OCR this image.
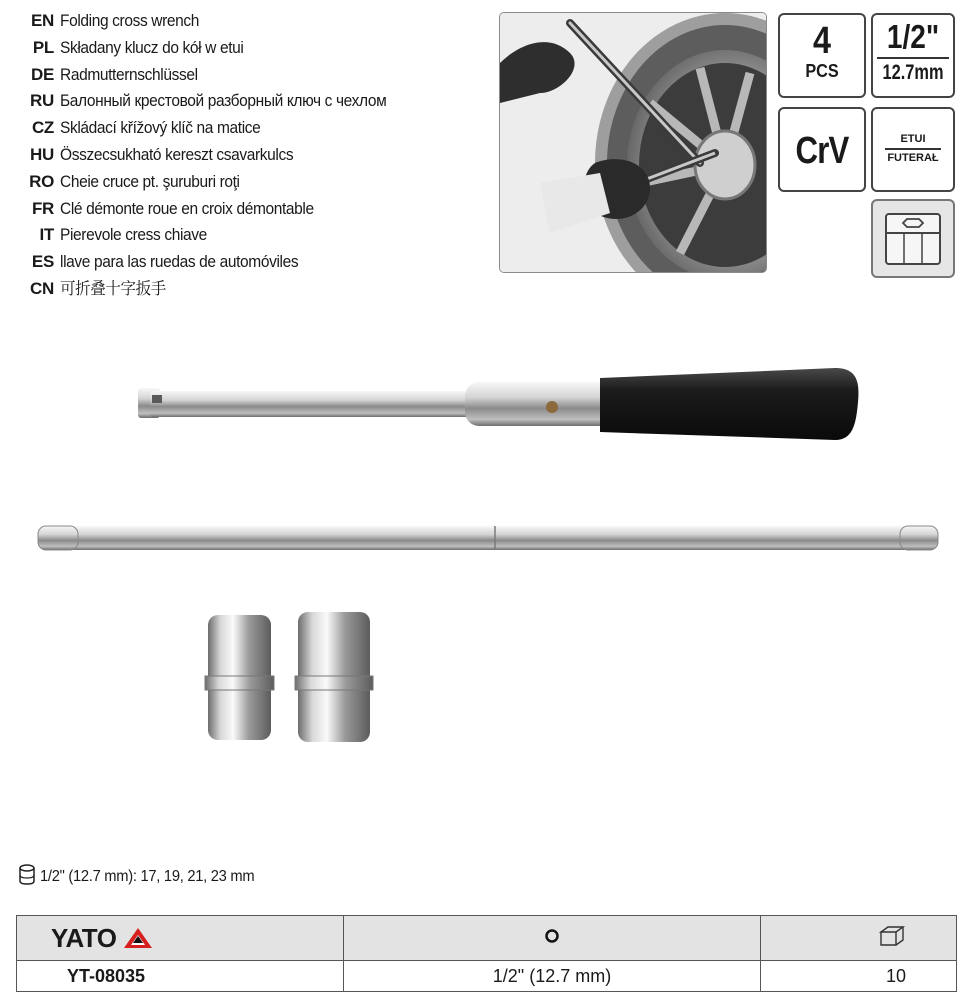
EN Folding cross wrench
PL Składany klucz do kół w etui
DE Radmutternschlüssel
RU Балонный крестовой разборный ключ с чехлом
CZ Skládací křížový klíč na matice
HU Összecsukható kereszt csavarkulcs
RO Cheie cruce pt. şuruburi roţi
FR Clé démonte roue en croix démontable
IT Pierevole cress chiave
ES llave para las ruedas de automóviles
CN 可折叠十字扳手
4
PCS
1/2"
12.7mm
CrV	ETUI
FUTERAŁ
1/2" (12.7 mm): 17, 19, 21, 23 mm
YATO

YT-08035	1/2" (12.7 mm)	10
